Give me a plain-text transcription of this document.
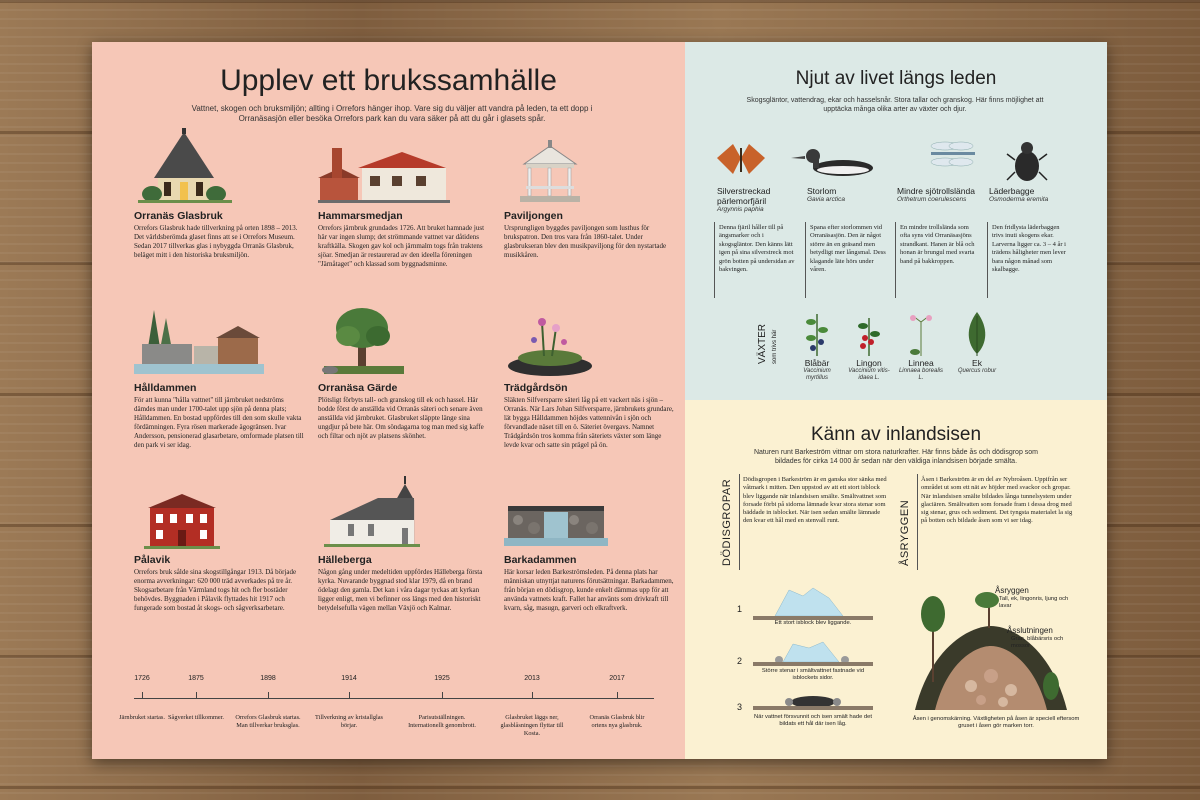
Upplev ett brukssamhälle
Vattnet, skogen och bruksmiljön; allting i Orrefors hänger ihop. Vare sig du väljer att vandra på leden, ta ett dopp i Orranäsasjön eller besöka Orrefors park kan du vara säker på att du går i glasets spår.
Orranäs Glasbruk

Orrefors Glasbruk hade tillverkning på orten 1898 – 2013. Det världsberömda glaset finns att se i Orrefors Museum. Sedan 2017 tillverkas glas i nybyggda Orranäs Glasbruk, beläget mitt i den historiska bruksmiljön.

Hammarsmedjan

Orrefors järnbruk grundades 1726. Att bruket hamnade just här var ingen slump; det strömmande vattnet var dåtidens kraftkälla. Skogen gav kol och järnmalm togs från traktens sjöar. Smedjan är restaurerad av den ideella föreningen "Järnåtaget" och klassad som byggnadsminne.

Paviljongen

Ursprungligen byggdes paviljongen som lusthus för brukspatron. Den tros vara från 1860-talet. Under glasbrukseran blev den musikpaviljong för den nystartade musikkåren.

Hålldammen

För att kunna "hålla vattnet" till järnbruket nedströms dämdes man under 1700-talet upp sjön på denna plats; Hålldammen. En bostad uppfördes till den som skulle vakta fördämningen. Fyra rösen markerade ägogränsen. Ivar Andersson, pensionerad glasarbetare, omformade platsen till den park vi ser idag.

Orranäsa Gärde

Plötsligt förbyts tall- och granskog till ek och hassel. Här bodde först de anställda vid Orranäs säteri och senare även anställda vid järnbruket. Glasbruket släppte länge sina ungdjur på bete här. Om söndagarna tog man med sig kaffe och filtar och njöt av platsens skönhet.

Trädgårdsön

Släkten Silfversparre säteri låg på ett vackert näs i sjön – Orranäs. När Lars Johan Silfversparre, järnbrukets grundare, lät bygga Hålldammen höjdes vattennivån i sjön och förvandlade näset till en ö. Säteriet övergavs. Namnet Trädgårdsön tros komma från säteriets växter som länge levde kvar och satte sin prägel på ön.

Pålavik

Orrefors bruk sålde sina skogstillgångar 1913. Då började enorma avverkningar: 620 000 träd avverkades på tre år. Skogsarbetare från Värmland togs hit och fler bostäder behövdes. Byggnaden i Pålavik flyttades hit 1917 och fungerade som bostad åt skogs- och sågverksarbetare.

Hälleberga

Någon gång under medeltiden uppfördes Hälleberga första kyrka. Nuvarande byggnad stod klar 1979, då en brand ödelagt den gamla. Det kan i våra dagar tyckas att kyrkan ligger enligt, men vi befinner oss längs med den historiskt betydelsefulla vägen mellan Växjö och Kalmar.

Barkadammen

Här korsar leden Barkeströmsleden. På denna plats har människan utnyttjat naturens förutsättningar. Barkadammen, från början en dödisgrop, kunde enkelt dämmas upp för att använda vattnets kraft. Fallet har använts som drivkraft till kvarn, såg, masugn, garveri och elkraftverk.

1726
Järnbruket startas.
1875
Sågverket tillkommer.
1898
Orrefors Glasbruk startas. Man tillverkar bruksglas.
1914
Tillverkning av kristallglas börjar.
1925
Parisutställningen. Internationellt genombrott.
2013
Glasbruket läggs ner, glasblåsningen flyttar till Kosta.
2017
Orranäs Glasbruk blir ortens nya glasbruk.
Njut av livet längs leden
Skogsgläntor, vattendrag, ekar och hasselsnår. Stora tallar och granskog. Här finns möjlighet att upptäcka många olika arter av växter och djur.
Silverstreckad pärlemorfjäril
Argynnis paphia
Storlom
Gavia arctica
Mindre sjötrollslända
Orthetrum coerulescens
Läderbagge
Osmoderma eremita
Denna fjäril håller till på ängsmarker och i skogsgläntor. Den känns lätt igen på sina silverstreck mot grön botten på undersidan av bakvingen.
Spana efter storlommen vid Orranäsasjön. Den är något större än en gräsand men betydligt mer långsmal. Dess klagande läte hörs under våren.
En mindre trollslända som ofta syns vid Orranäsasjöns strandkant. Hanen är blå och honan är brungul med svarta band på bakkroppen.
Den fridlysta läderbaggen trivs inuti skogens ekar. Larverna ligger ca. 3 – 4 år i trädens håligheter men lever bara någon månad som skalbagge.
VÄXTER som trivs här	Blåbär
Vaccinium myrtillus
Lingon
Vaccinium vitis-idaea L.
Linnea
Linnaea borealis L.
Ek
Quercus robur
Känn av inlandsisen
Naturen runt Barkeström vittnar om stora naturkrafter. Här finns både ås och dödisgrop som bildades för cirka 14 000 år sedan när den väldiga inlandsisen började smälta.
DÖDISGROPAR Dödisgropen i Barkeström är en ganska stor sänka med våtmark i mitten. Den uppstod av att ett stort isblock blev liggande när inlandsisen smälte. Smältvattnet som forsade förbi på sidorna lämnade kvar stora stenar som bäddade in isblocket. När isen sedan smälte lämnade den kvar ett hål med en stenvall runt.	ÅSRYGGEN
Åsen i Barkeström är en del av Nybroåsen. Uppifrån ser området ut som ett nät av höjder med svackor och gropar. När inlandsisen smälte bildades långa tunnelsystem under glaciären. Smältvatten som forsade fram i dessa drog med sig stenar, grus och sediment. Det tyngsta materialet la sig på botten och bildade åsen som vi ser idag.
1
Ett stort isblock blev liggande.
2
Större stenar i smältvattnet fastnade vid isblockets sidor.
3
När vattnet försvunnit och isen smält hade det bildats ett hål där isen låg.
Åsryggen
Tall, ek, lingonris, ljung och lavar
Åsslutningen
Gran, blåbärsris och mossor
Åsen i genomskärning. Växtligheten på åsen är speciell eftersom gruset i åsen gör marken torr.
